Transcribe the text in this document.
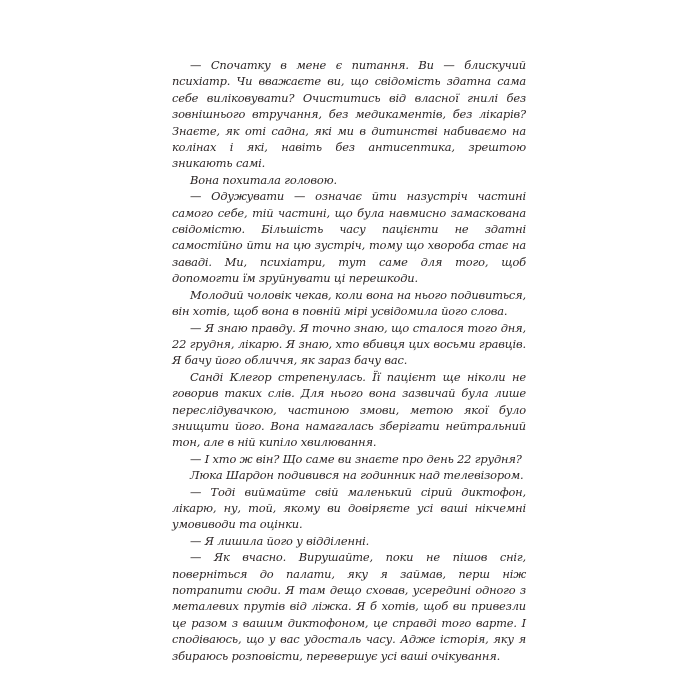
— Спочатку в мене є питання. Ви — блискучий психіатр. Чи вважаєте ви, що свідомість здатна сама себе виліковувати? Очиститись від власної гнилі без зовнішнього втручання, без медикаментів, без лікарів? Знаєте, як оті садна, які ми в дитинстві набиваємо на колінах і які, навіть без антисептика, зрештою зникають самі.

Вона похитала головою.

— Одужувати — означає йти назустріч частині самого себе, тій частині, що була навмисно замаскована свідомістю. Більшість часу пацієнти не здатні самостійно йти на цю зустріч, тому що хвороба стає на заваді. Ми, психіатри, тут саме для того, щоб допомогти їм зруйнувати ці перешкоди.

Молодий чоловік чекав, коли вона на нього подивиться, він хотів, щоб вона в повній мірі усвідомила його слова.

— Я знаю правду. Я точно знаю, що сталося того дня, 22 грудня, лікарю. Я знаю, хто вбивця цих восьми гравців. Я бачу його обличчя, як зараз бачу вас.

Санді Клегор стрепенулась. Її пацієнт ще ніколи не говорив таких слів. Для нього вона зазвичай була лише переслідувачкою, частиною змови, метою якої було знищити його. Вона намагалась зберігати нейтральний тон, але в ній кипіло хвилювання.

— І хто ж він? Що саме ви знаєте про день 22 грудня?

Люка Шардон подивився на годинник над телевізором.

— Тоді виймайте свій маленький сірий диктофон, лікарю, ну, той, якому ви довіряєте усі ваші нікчемні умовиводи та оцінки.

— Я лишила його у відділенні.

— Як вчасно. Вирушайте, поки не пішов сніг, поверніться до палати, яку я займав, перш ніж потрапити сюди. Я там дещо сховав, усередині одного з металевих прутів від ліжка. Я б хотів, щоб ви привезли це разом з вашим диктофоном, це справді того варте. І сподіваюсь, що у вас удосталь часу. Адже історія, яку я збираюсь розповісти, перевершує усі ваші очікування.
